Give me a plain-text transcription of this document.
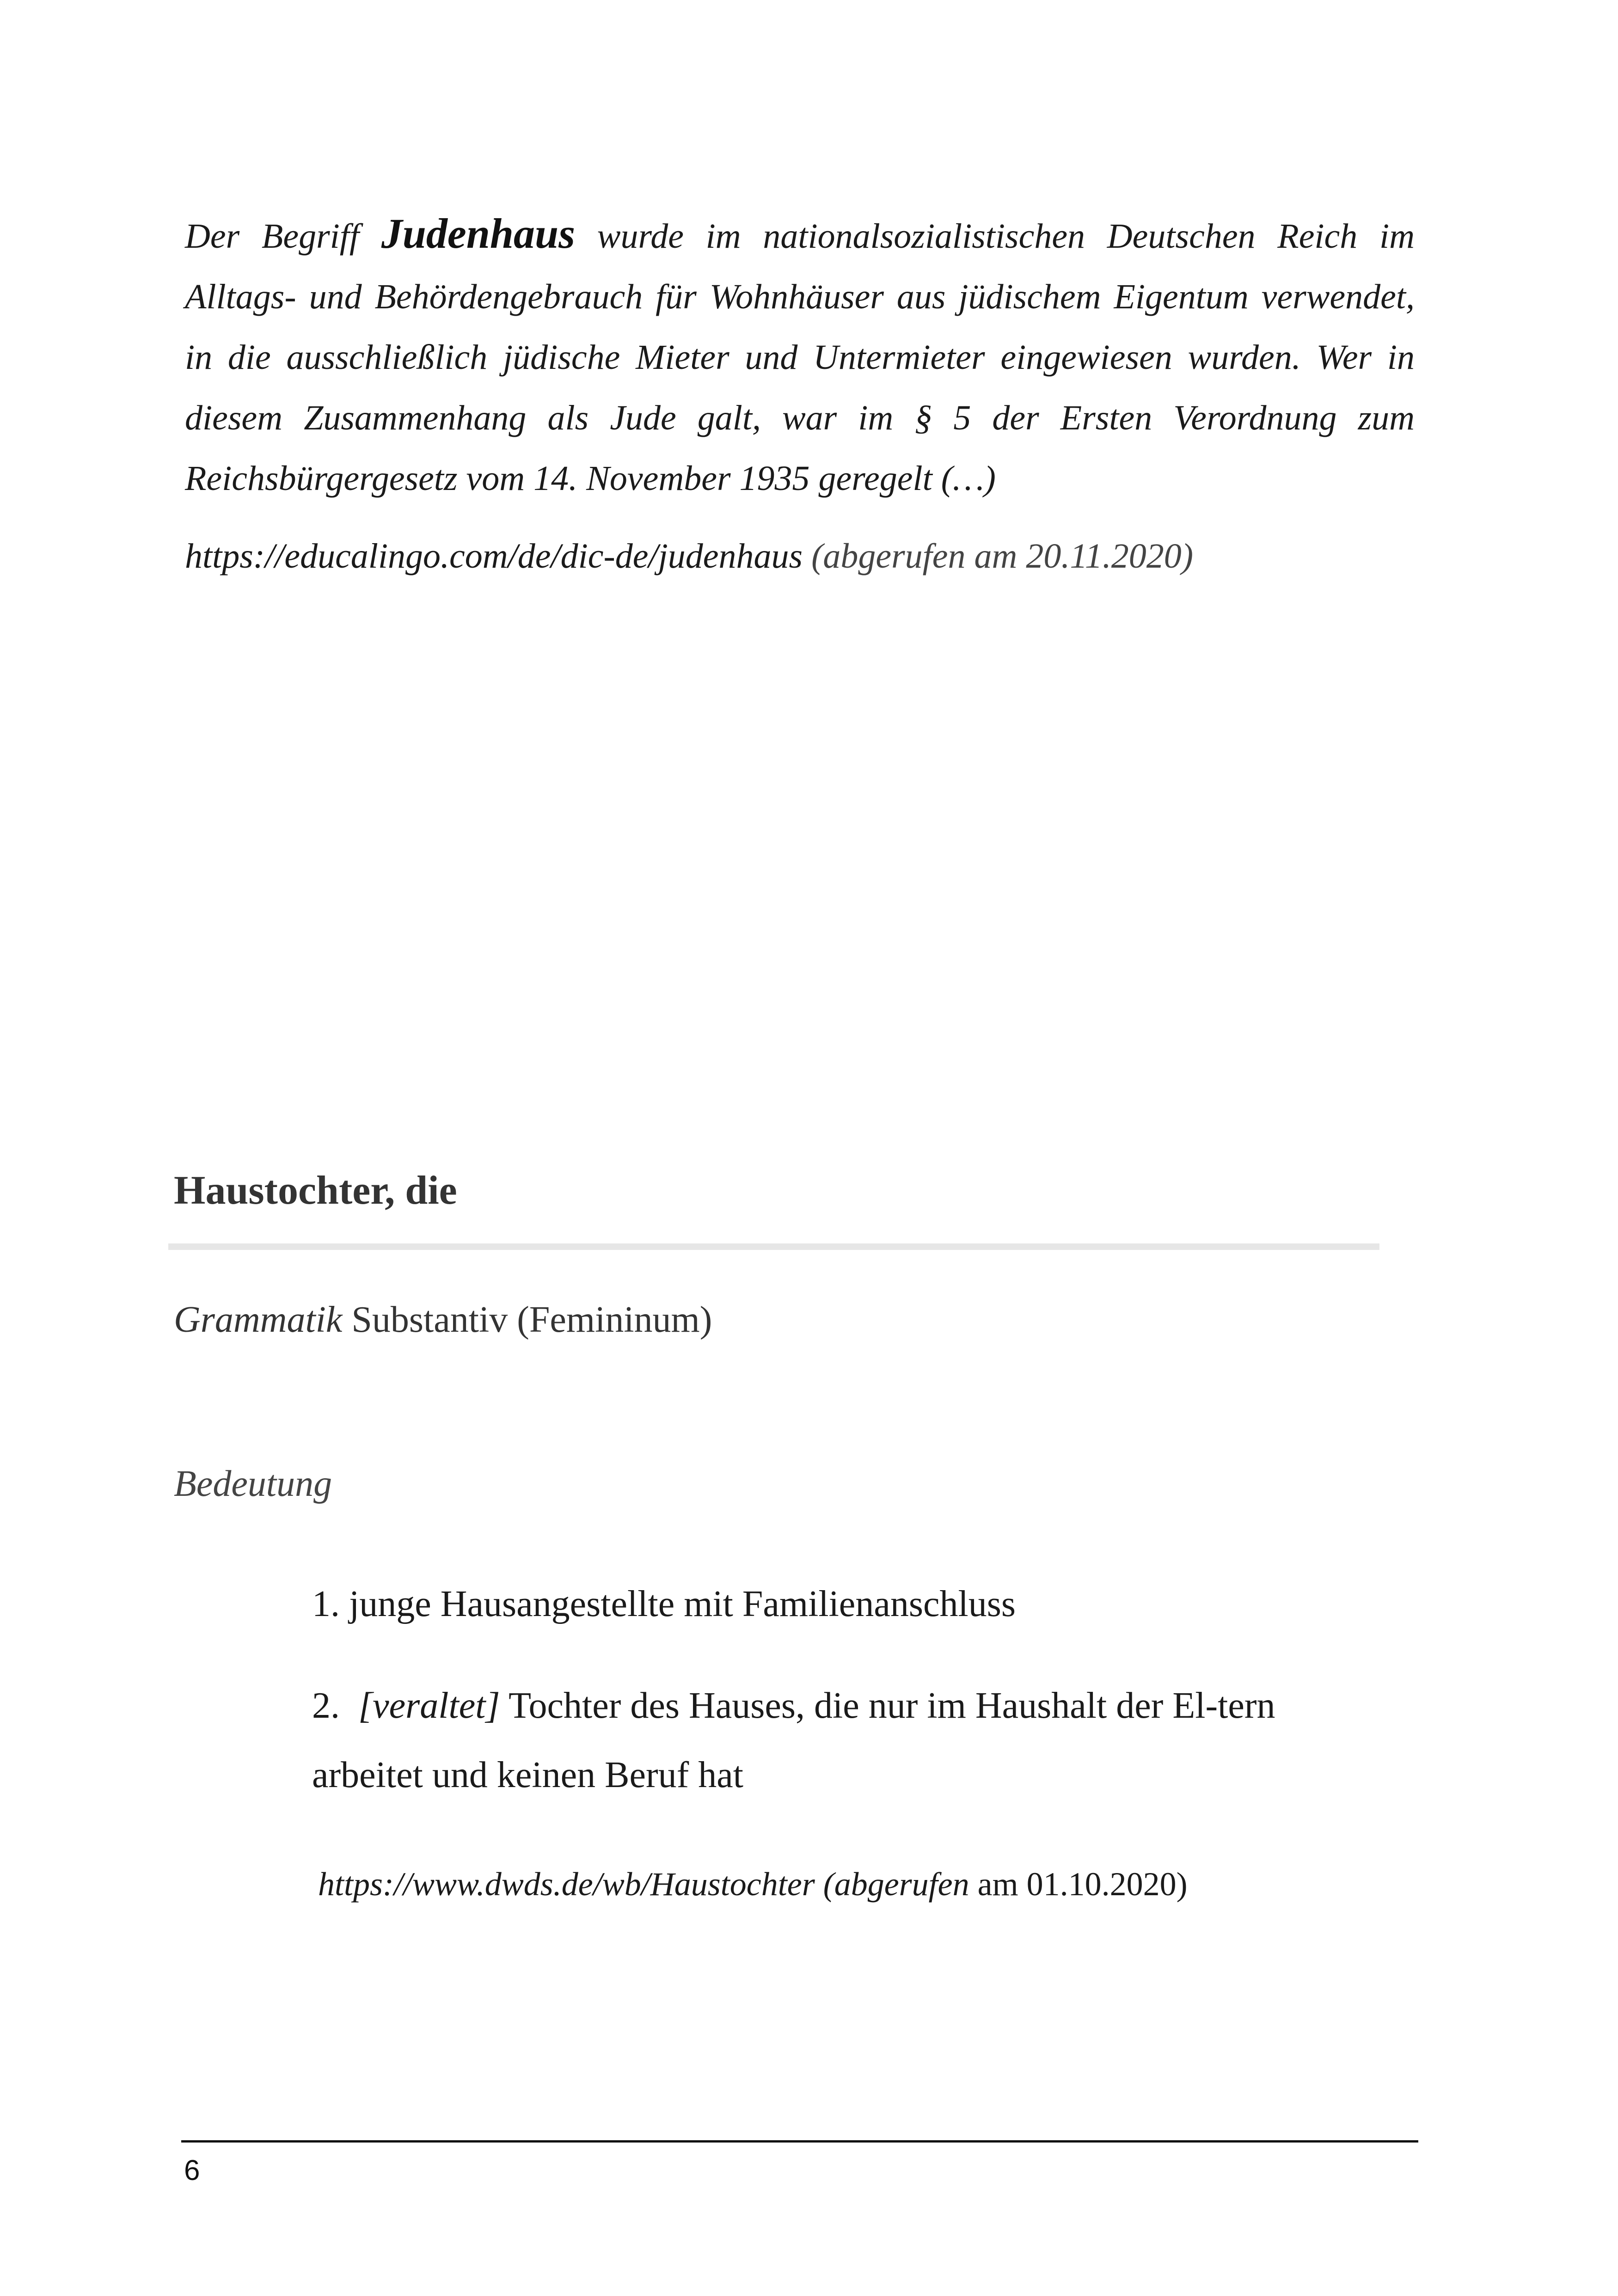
Der Begriff Judenhaus wurde im nationalsozialistischen Deutschen Reich im Alltags- und Behördengebrauch für Wohnhäuser aus jüdischem Eigentum verwendet, in die ausschließlich jüdische Mieter und Untermieter eingewiesen wurden. Wer in diesem Zusammenhang als Jude galt, war im § 5 der Ersten Verordnung zum Reichsbürgergesetz vom 14. November 1935 geregelt (…)
https://educalingo.com/de/dic-de/judenhaus (abgerufen am 20.11.2020)
Haustochter, die
Grammatik Substantiv (Femininum)
Bedeutung
1. junge Hausangestellte mit Familienanschluss
2. [veraltet] Tochter des Hauses, die nur im Haushalt der El-tern arbeitet und keinen Beruf hat
https://www.dwds.de/wb/Haustochter (abgerufen am 01.10.2020)
6
